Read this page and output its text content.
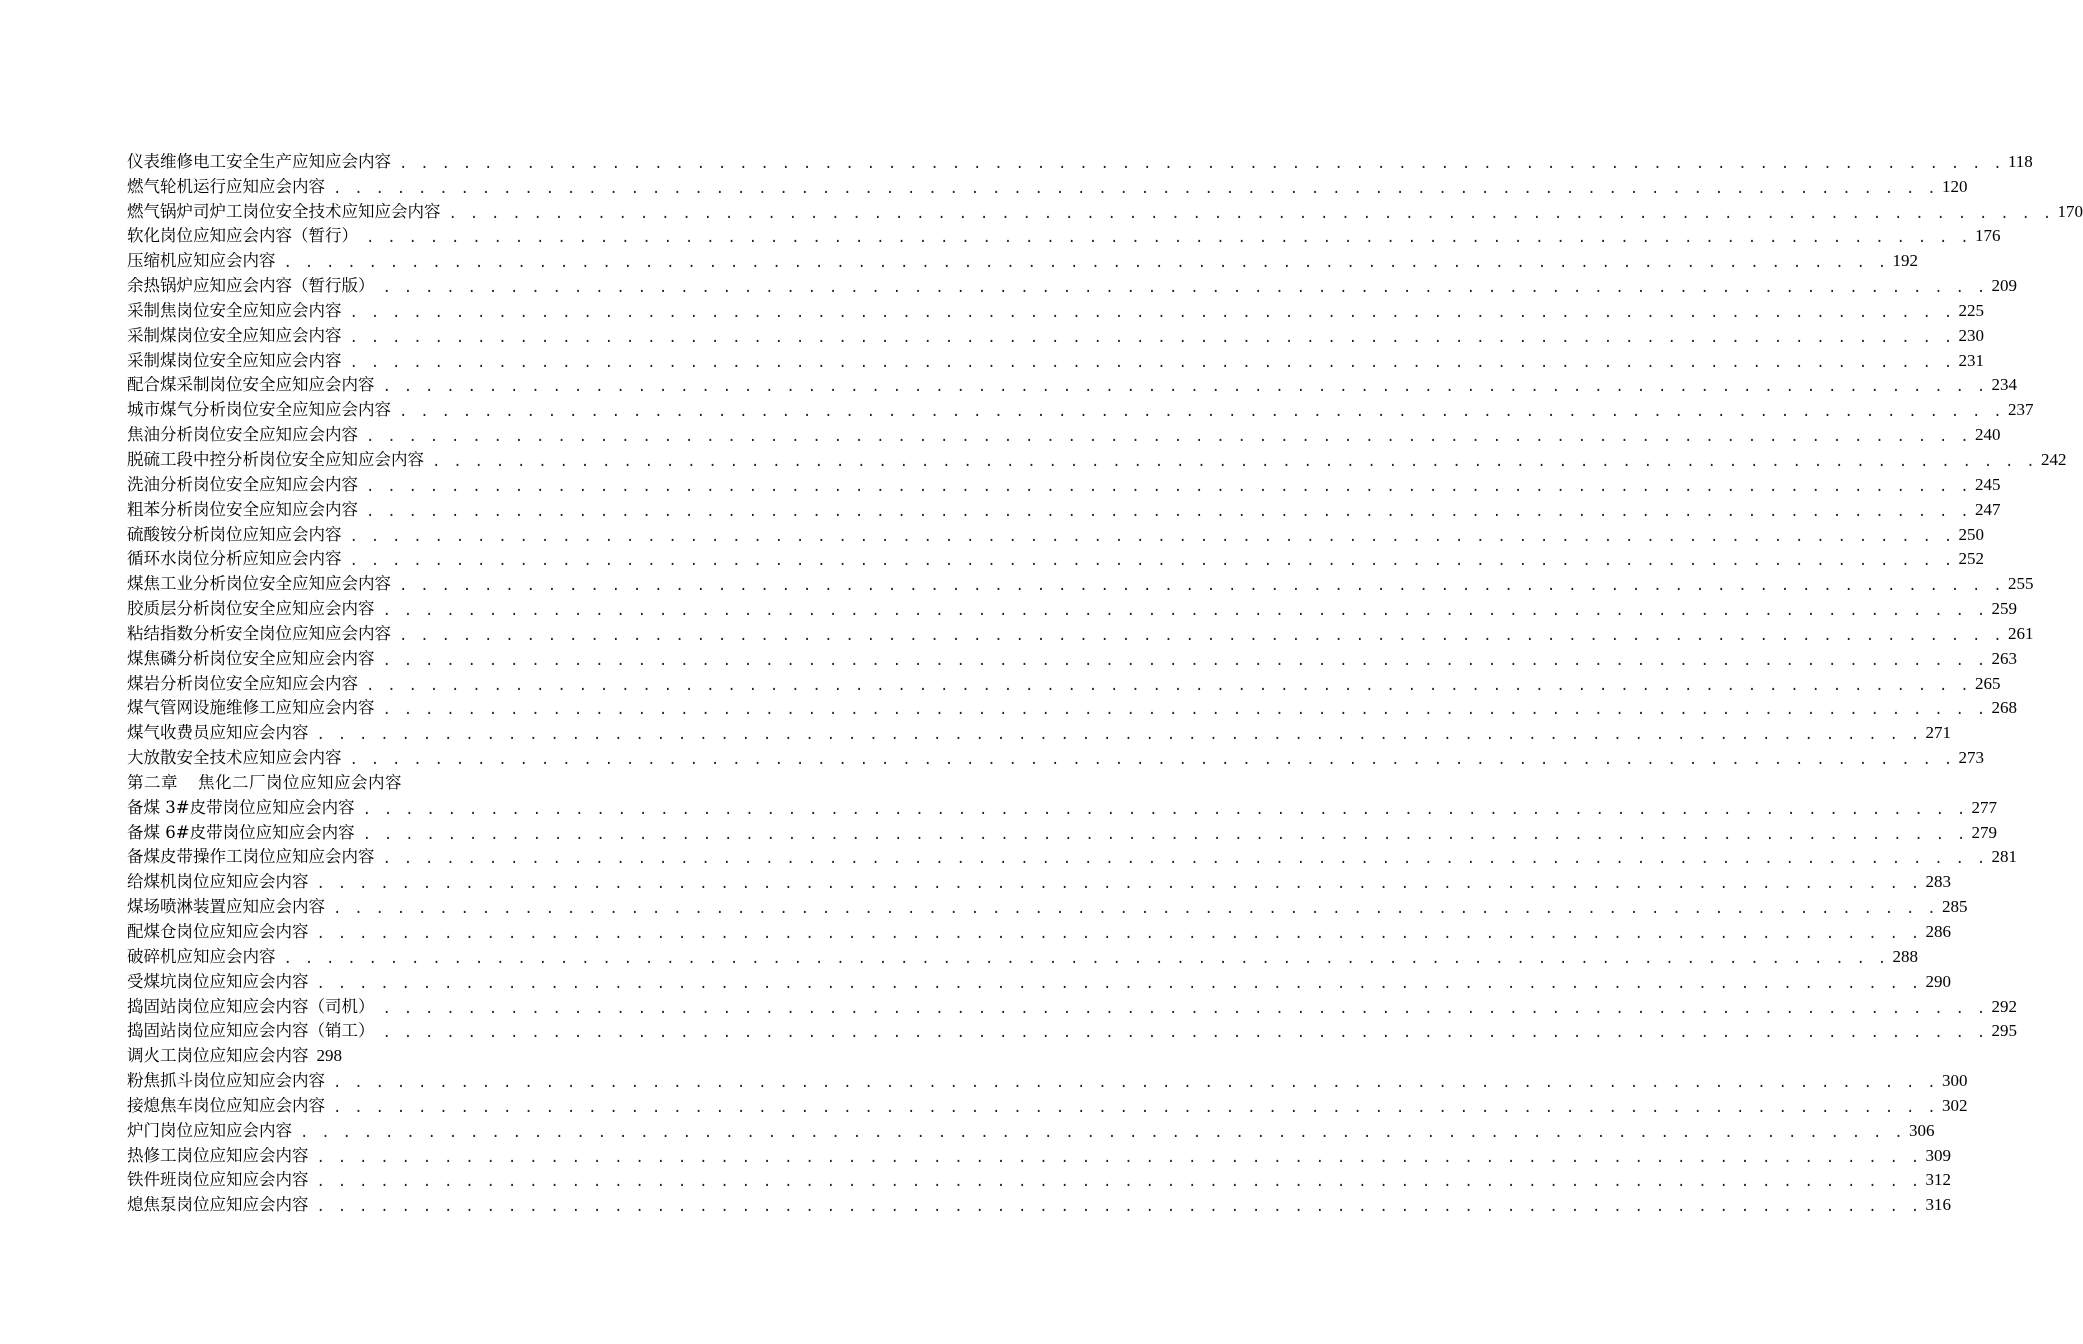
仪表维修电工安全生产应知应会内容 . . . . . . . . . . . . . . . . . . . . . . . . . . . . . . . . . . . . . . . . . . . . . . . . . . . . . . . . . . . . . . . . . . . . . . . . . . . . 118
燃气轮机运行应知应会内容 . . . . . . . . . . . . . . . . . . . . . . . . . . . . . . . . . . . . . . . . . . . . . . . . . . . . . . . . . . . . . . . . . . . . . . . . . . . . 120
燃气锅炉司炉工岗位安全技术应知应会内容 . . . . . . . . . . . . . . . . . . . . . . . . . . . . . . . . . . . . . . . . . . . . . . . . . . . . . . . . . . . . . . . . . . . . . . . . . . . . 170
软化岗位应知应会内容（暂行） . . . . . . . . . . . . . . . . . . . . . . . . . . . . . . . . . . . . . . . . . . . . . . . . . . . . . . . . . . . . . . . . . . . . . . . . . . . . 176
压缩机应知应会内容 . . . . . . . . . . . . . . . . . . . . . . . . . . . . . . . . . . . . . . . . . . . . . . . . . . . . . . . . . . . . . . . . . . . . . . . . . . . . 192
余热锅炉应知应会内容（暂行版） . . . . . . . . . . . . . . . . . . . . . . . . . . . . . . . . . . . . . . . . . . . . . . . . . . . . . . . . . . . . . . . . . . . . . . . . . . . . 209
采制焦岗位安全应知应会内容 . . . . . . . . . . . . . . . . . . . . . . . . . . . . . . . . . . . . . . . . . . . . . . . . . . . . . . . . . . . . . . . . . . . . . . . . . . . . 225
采制煤岗位安全应知应会内容 . . . . . . . . . . . . . . . . . . . . . . . . . . . . . . . . . . . . . . . . . . . . . . . . . . . . . . . . . . . . . . . . . . . . . . . . . . . . 230
采制煤岗位安全应知应会内容 . . . . . . . . . . . . . . . . . . . . . . . . . . . . . . . . . . . . . . . . . . . . . . . . . . . . . . . . . . . . . . . . . . . . . . . . . . . . 231
配合煤采制岗位安全应知应会内容 . . . . . . . . . . . . . . . . . . . . . . . . . . . . . . . . . . . . . . . . . . . . . . . . . . . . . . . . . . . . . . . . . . . . . . . . . . . . 234
城市煤气分析岗位安全应知应会内容 . . . . . . . . . . . . . . . . . . . . . . . . . . . . . . . . . . . . . . . . . . . . . . . . . . . . . . . . . . . . . . . . . . . . . . . . . . . . 237
焦油分析岗位安全应知应会内容 . . . . . . . . . . . . . . . . . . . . . . . . . . . . . . . . . . . . . . . . . . . . . . . . . . . . . . . . . . . . . . . . . . . . . . . . . . . . 240
脱硫工段中控分析岗位安全应知应会内容 . . . . . . . . . . . . . . . . . . . . . . . . . . . . . . . . . . . . . . . . . . . . . . . . . . . . . . . . . . . . . . . . . . . . . . . . . . . . 242
洗油分析岗位安全应知应会内容 . . . . . . . . . . . . . . . . . . . . . . . . . . . . . . . . . . . . . . . . . . . . . . . . . . . . . . . . . . . . . . . . . . . . . . . . . . . . 245
粗苯分析岗位安全应知应会内容 . . . . . . . . . . . . . . . . . . . . . . . . . . . . . . . . . . . . . . . . . . . . . . . . . . . . . . . . . . . . . . . . . . . . . . . . . . . . 247
硫酸铵分析岗位应知应会内容 . . . . . . . . . . . . . . . . . . . . . . . . . . . . . . . . . . . . . . . . . . . . . . . . . . . . . . . . . . . . . . . . . . . . . . . . . . . . 250
循环水岗位分析应知应会内容 . . . . . . . . . . . . . . . . . . . . . . . . . . . . . . . . . . . . . . . . . . . . . . . . . . . . . . . . . . . . . . . . . . . . . . . . . . . . 252
煤焦工业分析岗位安全应知应会内容 . . . . . . . . . . . . . . . . . . . . . . . . . . . . . . . . . . . . . . . . . . . . . . . . . . . . . . . . . . . . . . . . . . . . . . . . . . . . 255
胶质层分析岗位安全应知应会内容 . . . . . . . . . . . . . . . . . . . . . . . . . . . . . . . . . . . . . . . . . . . . . . . . . . . . . . . . . . . . . . . . . . . . . . . . . . . . 259
粘结指数分析安全岗位应知应会内容 . . . . . . . . . . . . . . . . . . . . . . . . . . . . . . . . . . . . . . . . . . . . . . . . . . . . . . . . . . . . . . . . . . . . . . . . . . . . 261
煤焦磷分析岗位安全应知应会内容 . . . . . . . . . . . . . . . . . . . . . . . . . . . . . . . . . . . . . . . . . . . . . . . . . . . . . . . . . . . . . . . . . . . . . . . . . . . . 263
煤岩分析岗位安全应知应会内容 . . . . . . . . . . . . . . . . . . . . . . . . . . . . . . . . . . . . . . . . . . . . . . . . . . . . . . . . . . . . . . . . . . . . . . . . . . . . 265
煤气管网设施维修工应知应会内容 . . . . . . . . . . . . . . . . . . . . . . . . . . . . . . . . . . . . . . . . . . . . . . . . . . . . . . . . . . . . . . . . . . . . . . . . . . . . 268
煤气收费员应知应会内容 . . . . . . . . . . . . . . . . . . . . . . . . . . . . . . . . . . . . . . . . . . . . . . . . . . . . . . . . . . . . . . . . . . . . . . . . . . . . 271
大放散安全技术应知应会内容 . . . . . . . . . . . . . . . . . . . . . . . . . . . . . . . . . . . . . . . . . . . . . . . . . . . . . . . . . . . . . . . . . . . . . . . . . . . . 273
第二章 焦化二厂岗位应知应会内容
备煤 3#皮带岗位应知应会内容 . . . . . . . . . . . . . . . . . . . . . . . . . . . . . . . . . . . . . . . . . . . . . . . . . . . . . . . . . . . . . . . . . . . . . . . . . . . . 277
备煤 6#皮带岗位应知应会内容 . . . . . . . . . . . . . . . . . . . . . . . . . . . . . . . . . . . . . . . . . . . . . . . . . . . . . . . . . . . . . . . . . . . . . . . . . . . . 279
备煤皮带操作工岗位应知应会内容 . . . . . . . . . . . . . . . . . . . . . . . . . . . . . . . . . . . . . . . . . . . . . . . . . . . . . . . . . . . . . . . . . . . . . . . . . . . . 281
给煤机岗位应知应会内容 . . . . . . . . . . . . . . . . . . . . . . . . . . . . . . . . . . . . . . . . . . . . . . . . . . . . . . . . . . . . . . . . . . . . . . . . . . . . 283
煤场喷淋装置应知应会内容 . . . . . . . . . . . . . . . . . . . . . . . . . . . . . . . . . . . . . . . . . . . . . . . . . . . . . . . . . . . . . . . . . . . . . . . . . . . . 285
配煤仓岗位应知应会内容 . . . . . . . . . . . . . . . . . . . . . . . . . . . . . . . . . . . . . . . . . . . . . . . . . . . . . . . . . . . . . . . . . . . . . . . . . . . . 286
破碎机应知应会内容 . . . . . . . . . . . . . . . . . . . . . . . . . . . . . . . . . . . . . . . . . . . . . . . . . . . . . . . . . . . . . . . . . . . . . . . . . . . . 288
受煤坑岗位应知应会内容 . . . . . . . . . . . . . . . . . . . . . . . . . . . . . . . . . . . . . . . . . . . . . . . . . . . . . . . . . . . . . . . . . . . . . . . . . . . . 290
捣固站岗位应知应会内容（司机） . . . . . . . . . . . . . . . . . . . . . . . . . . . . . . . . . . . . . . . . . . . . . . . . . . . . . . . . . . . . . . . . . . . . . . . . . . . . 292
捣固站岗位应知应会内容（销工） . . . . . . . . . . . . . . . . . . . . . . . . . . . . . . . . . . . . . . . . . . . . . . . . . . . . . . . . . . . . . . . . . . . . . . . . . . . . 295
调火工岗位应知应会内容 298
粉焦抓斗岗位应知应会内容 . . . . . . . . . . . . . . . . . . . . . . . . . . . . . . . . . . . . . . . . . . . . . . . . . . . . . . . . . . . . . . . . . . . . . . . . . . . . 300
接熄焦车岗位应知应会内容 . . . . . . . . . . . . . . . . . . . . . . . . . . . . . . . . . . . . . . . . . . . . . . . . . . . . . . . . . . . . . . . . . . . . . . . . . . . . 302
炉门岗位应知应会内容 . . . . . . . . . . . . . . . . . . . . . . . . . . . . . . . . . . . . . . . . . . . . . . . . . . . . . . . . . . . . . . . . . . . . . . . . . . . . 306
热修工岗位应知应会内容 . . . . . . . . . . . . . . . . . . . . . . . . . . . . . . . . . . . . . . . . . . . . . . . . . . . . . . . . . . . . . . . . . . . . . . . . . . . . 309
铁件班岗位应知应会内容 . . . . . . . . . . . . . . . . . . . . . . . . . . . . . . . . . . . . . . . . . . . . . . . . . . . . . . . . . . . . . . . . . . . . . . . . . . . . 312
熄焦泵岗位应知应会内容 . . . . . . . . . . . . . . . . . . . . . . . . . . . . . . . . . . . . . . . . . . . . . . . . . . . . . . . . . . . . . . . . . . . . . . . . . . . . 316
